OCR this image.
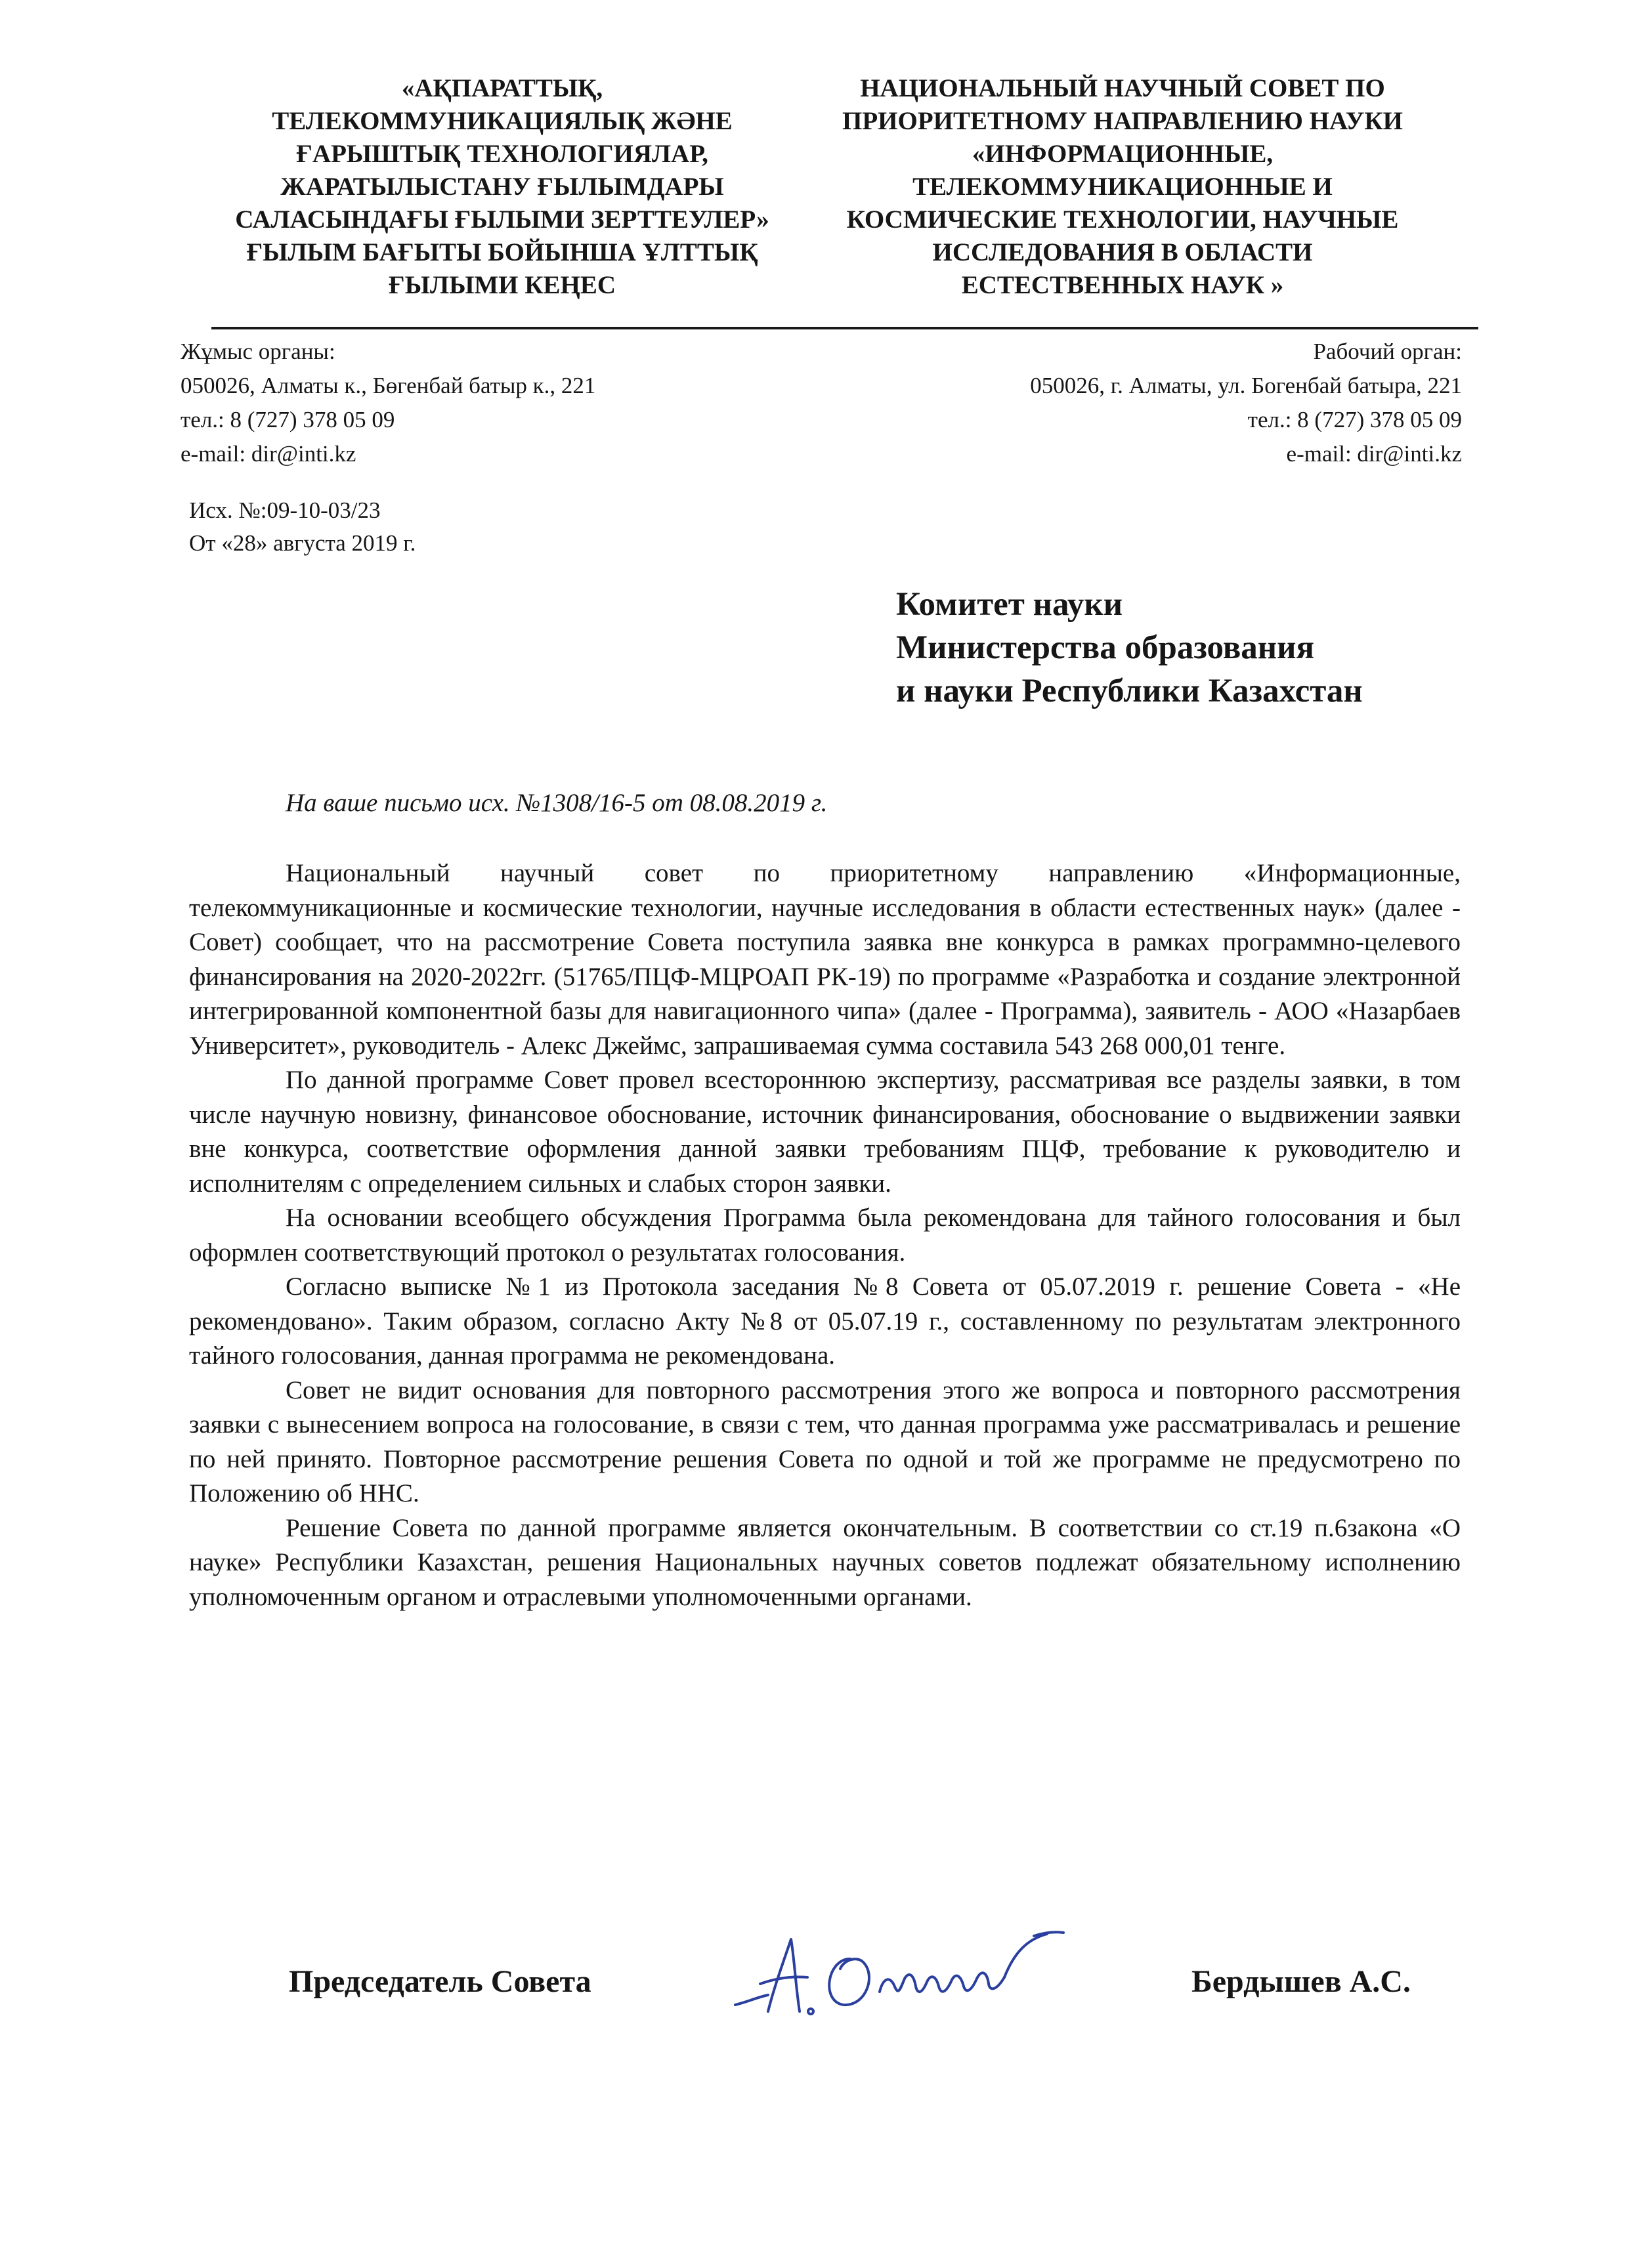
«АҚПАРАТТЫҚ,
ТЕЛЕКОММУНИКАЦИЯЛЫҚ ЖӘНЕ
ҒАРЫШТЫҚ ТЕХНОЛОГИЯЛАР,
ЖАРАТЫЛЫСТАНУ ҒЫЛЫМДАРЫ
САЛАСЫНДАҒЫ ҒЫЛЫМИ ЗЕРТТЕУЛЕР»
ҒЫЛЫМ БАҒЫТЫ БОЙЫНША ҰЛТТЫҚ
ҒЫЛЫМИ КЕҢЕС
НАЦИОНАЛЬНЫЙ НАУЧНЫЙ СОВЕТ ПО
ПРИОРИТЕТНОМУ НАПРАВЛЕНИЮ НАУКИ
«ИНФОРМАЦИОННЫЕ,
ТЕЛЕКОММУНИКАЦИОННЫЕ И
КОСМИЧЕСКИЕ ТЕХНОЛОГИИ, НАУЧНЫЕ
ИССЛЕДОВАНИЯ В ОБЛАСТИ
ЕСТЕСТВЕННЫХ НАУК »
Жұмыс органы:
050026, Алматы к., Бөгенбай батыр к., 221
тел.: 8 (727) 378 05 09
e-mail: dir@inti.kz
Рабочий орган:
050026, г. Алматы, ул. Богенбай батыра, 221
тел.: 8 (727) 378 05 09
e-mail: dir@inti.kz
Исх. №:09-10-03/23
От «28» августа 2019 г.
Комитет науки
Министерства образования
и науки Республики Казахстан
На ваше письмо исх. №1308/16-5 от 08.08.2019 г.

Национальный научный совет по приоритетному направлению «Информационные, телекоммуникационные и космические технологии, научные исследования в области естественных наук» (далее - Совет) сообщает, что на рассмотрение Совета поступила заявка вне конкурса в рамках программно-целевого финансирования на 2020-2022гг. (51765/ПЦФ-МЦРОАП РК-19) по программе «Разработка и создание электронной интегрированной компонентной базы для навигационного чипа» (далее - Программа), заявитель - АОО «Назарбаев Университет», руководитель - Алекс Джеймс, запрашиваемая сумма составила 543 268 000,01 тенге.

По данной программе Совет провел всестороннюю экспертизу, рассматривая все разделы заявки, в том числе научную новизну, финансовое обоснование, источник финансирования, обоснование о выдвижении заявки вне конкурса, соответствие оформления данной заявки требованиям ПЦФ, требование к руководителю и исполнителям с определением сильных и слабых сторон заявки.

На основании всеобщего обсуждения Программа была рекомендована для тайного голосования и был оформлен соответствующий протокол о результатах голосования.

Согласно выписке №1 из Протокола заседания №8 Совета от 05.07.2019 г. решение Совета - «Не рекомендовано». Таким образом, согласно Акту №8 от 05.07.19 г., составленному по результатам электронного тайного голосования, данная программа не рекомендована.

Совет не видит основания для повторного рассмотрения этого же вопроса и повторного рассмотрения заявки с вынесением вопроса на голосование, в связи с тем, что данная программа уже рассматривалась и решение по ней принято. Повторное рассмотрение решения Совета по одной и той же программе не предусмотрено по Положению об ННС.

Решение Совета по данной программе является окончательным. В соответствии со ст.19 п.6закона «О науке» Республики Казахстан, решения Национальных научных советов подлежат обязательному исполнению уполномоченным органом и отраслевыми уполномоченными органами.

Председатель Совета	Бердышев А.С.
